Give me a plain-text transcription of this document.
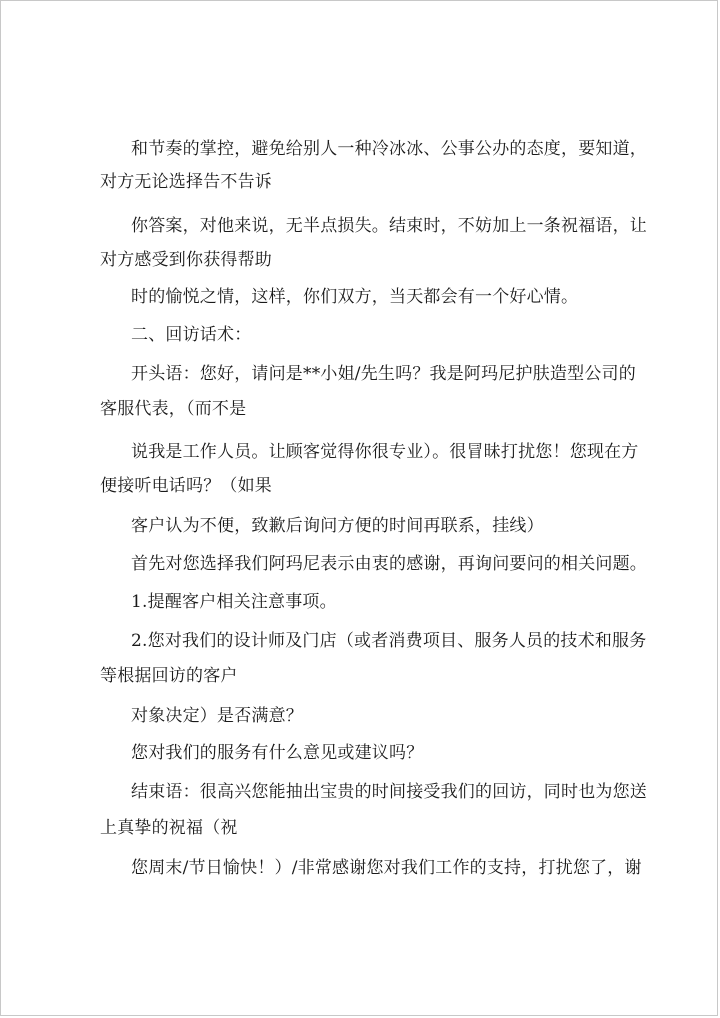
和节奏的掌控，避免给别人一种冷冰冰、公事公办的态度，要知道，
对方无论选择告不告诉
你答案，对他来说，无半点损失。结束时，不妨加上一条祝福语，让
对方感受到你获得帮助
时的愉悦之情，这样，你们双方，当天都会有一个好心情。
二、回访话术：
开头语：您好，请问是**小姐/先生吗？我是阿玛尼护肤造型公司的
客服代表，（而不是
说我是工作人员。让顾客觉得你很专业）。很冒昧打扰您！您现在方
便接听电话吗？（如果
客户认为不便，致歉后询问方便的时间再联系，挂线）
首先对您选择我们阿玛尼表示由衷的感谢，再询问要问的相关问题。
1.提醒客户相关注意事项。
2.您对我们的设计师及门店（或者消费项目、服务人员的技术和服务
等根据回访的客户
对象决定）是否满意？
您对我们的服务有什么意见或建议吗？
结束语：很高兴您能抽出宝贵的时间接受我们的回访，同时也为您送
上真挚的祝福（祝
您周末/节日愉快！）/非常感谢您对我们工作的支持，打扰您了，谢
